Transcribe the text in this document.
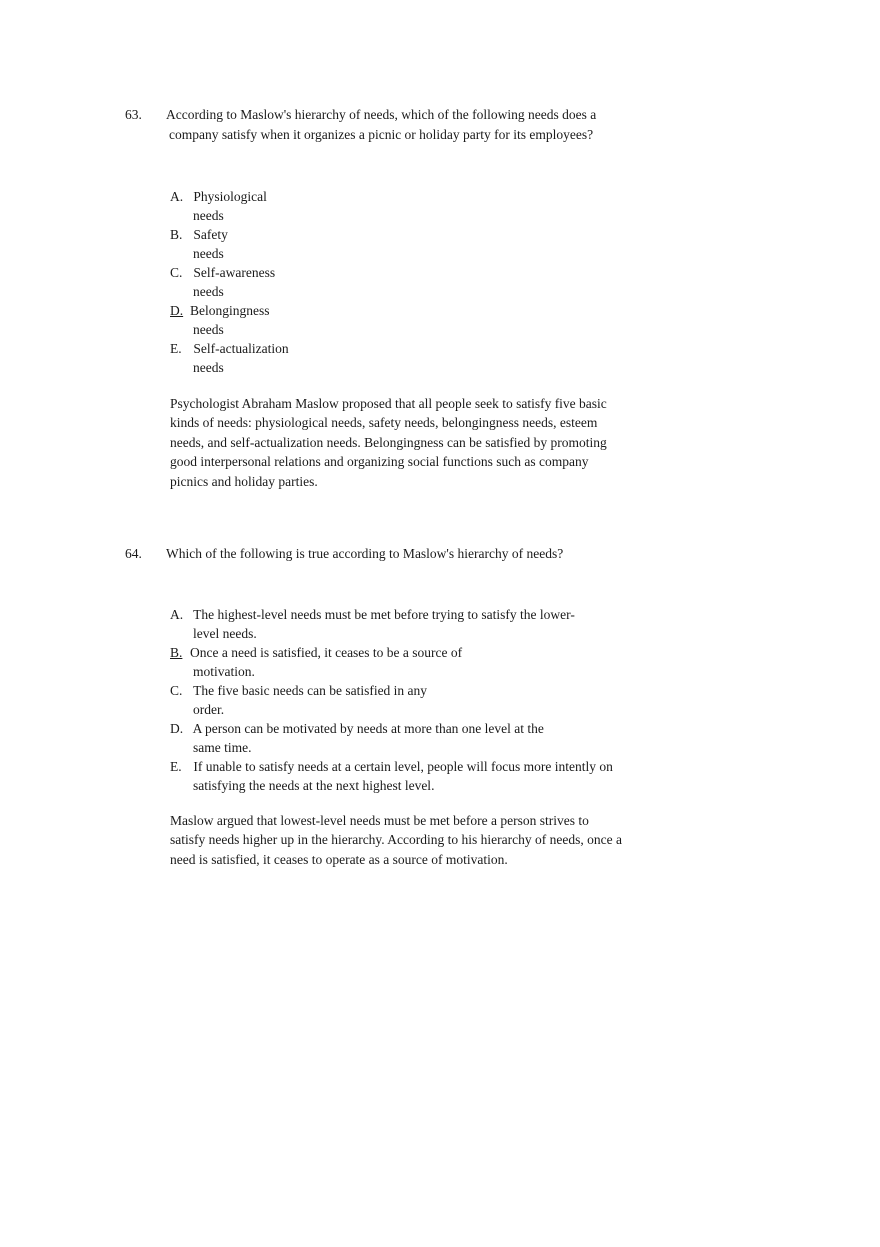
63. According to Maslow's hierarchy of needs, which of the following needs does a
company satisfy when it organizes a picnic or holiday party for its employees?
A. Physiological
needs
B. Safety
needs
C. Self-awareness
needs
D. Belongingness
needs
E. Self-actualization
needs
Psychologist Abraham Maslow proposed that all people seek to satisfy five basic
kinds of needs: physiological needs, safety needs, belongingness needs, esteem
needs, and self-actualization needs. Belongingness can be satisfied by promoting
good interpersonal relations and organizing social functions such as company
picnics and holiday parties.
64. Which of the following is true according to Maslow's hierarchy of needs?
A. The highest-level needs must be met before trying to satisfy the lower-
level needs.
B. Once a need is satisfied, it ceases to be a source of
motivation.
C. The five basic needs can be satisfied in any
order.
D. A person can be motivated by needs at more than one level at the
same time.
E. If unable to satisfy needs at a certain level, people will focus more intently on
satisfying the needs at the next highest level.
Maslow argued that lowest-level needs must be met before a person strives to
satisfy needs higher up in the hierarchy. According to his hierarchy of needs, once a
need is satisfied, it ceases to operate as a source of motivation.
